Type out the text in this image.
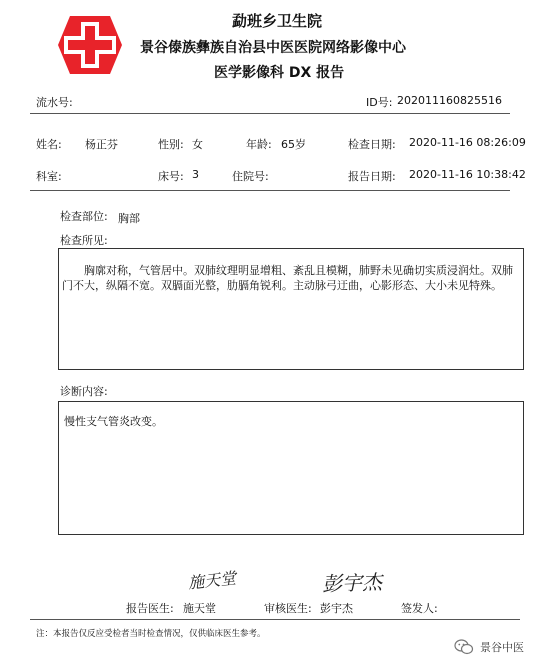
勐班乡卫生院
景谷傣族彝族自治县中医医院网络影像中心
医学影像科 DX 报告
流水号:	ID号: 202011160825516
姓名: 杨正芬	性别: 女	年龄: 65岁	检查日期: 2020-11-16 08:26:09
科室:	床号: 3	住院号:	报告日期: 2020-11-16 10:38:42
检查部位: 胸部
检查所见:
　　胸廓对称，气管居中。双肺纹理明显增粗、紊乱且模糊，肺野未见确切实质浸润灶。双肺门不大，纵隔不宽。双膈面光整，肋膈角锐利。主动脉弓迂曲，心影形态、大小未见特殊。
诊断内容:
慢性支气管炎改变。
施天堂	彭宇杰
报告医生: 施天堂	审核医生: 彭宇杰	签发人:
注：本报告仅反应受检者当时检查情况，仅供临床医生参考。
景谷中医
